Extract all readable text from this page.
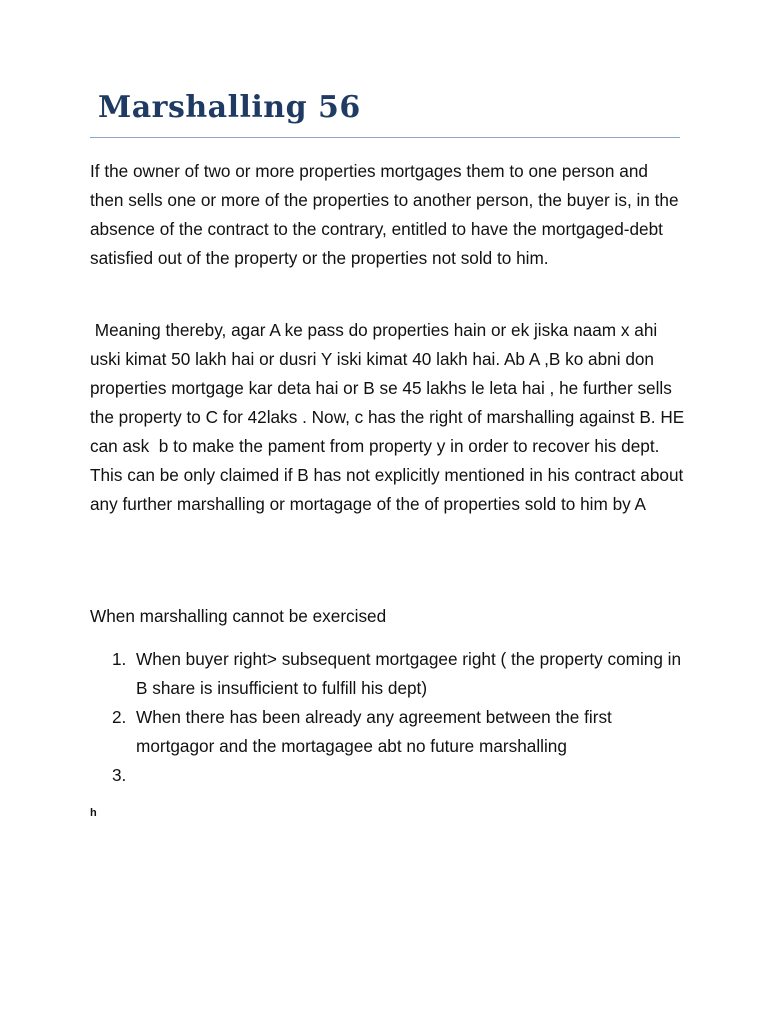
Marshalling 56

If the owner of two or more properties mortgages them to one person and then sells one or more of the properties to another person, the buyer is, in the absence of the contract to the contrary, entitled to have the mortgaged-debt satisfied out of the property or the properties not sold to him.

Meaning thereby, agar A ke pass do properties hain or ek jiska naam x ahi uski kimat 50 lakh hai or dusri Y iski kimat 40 lakh hai. Ab A ,B ko abni don properties mortgage kar deta hai or B se 45 lakhs le leta hai , he further sells the property to C for 42laks . Now, c has the right of marshalling against B. HE can ask  b to make the pament from property y in order to recover his dept. This can be only claimed if B has not explicitly mentioned in his contract about any further marshalling or mortagage of the of properties sold to him by A

When marshalling cannot be exercised

1. When buyer right> subsequent mortgagee right ( the property coming in B share is insufficient to fulfill his dept)
2. When there has been already any agreement between the first mortgagor and the mortagagee abt no future marshalling
3.

h
